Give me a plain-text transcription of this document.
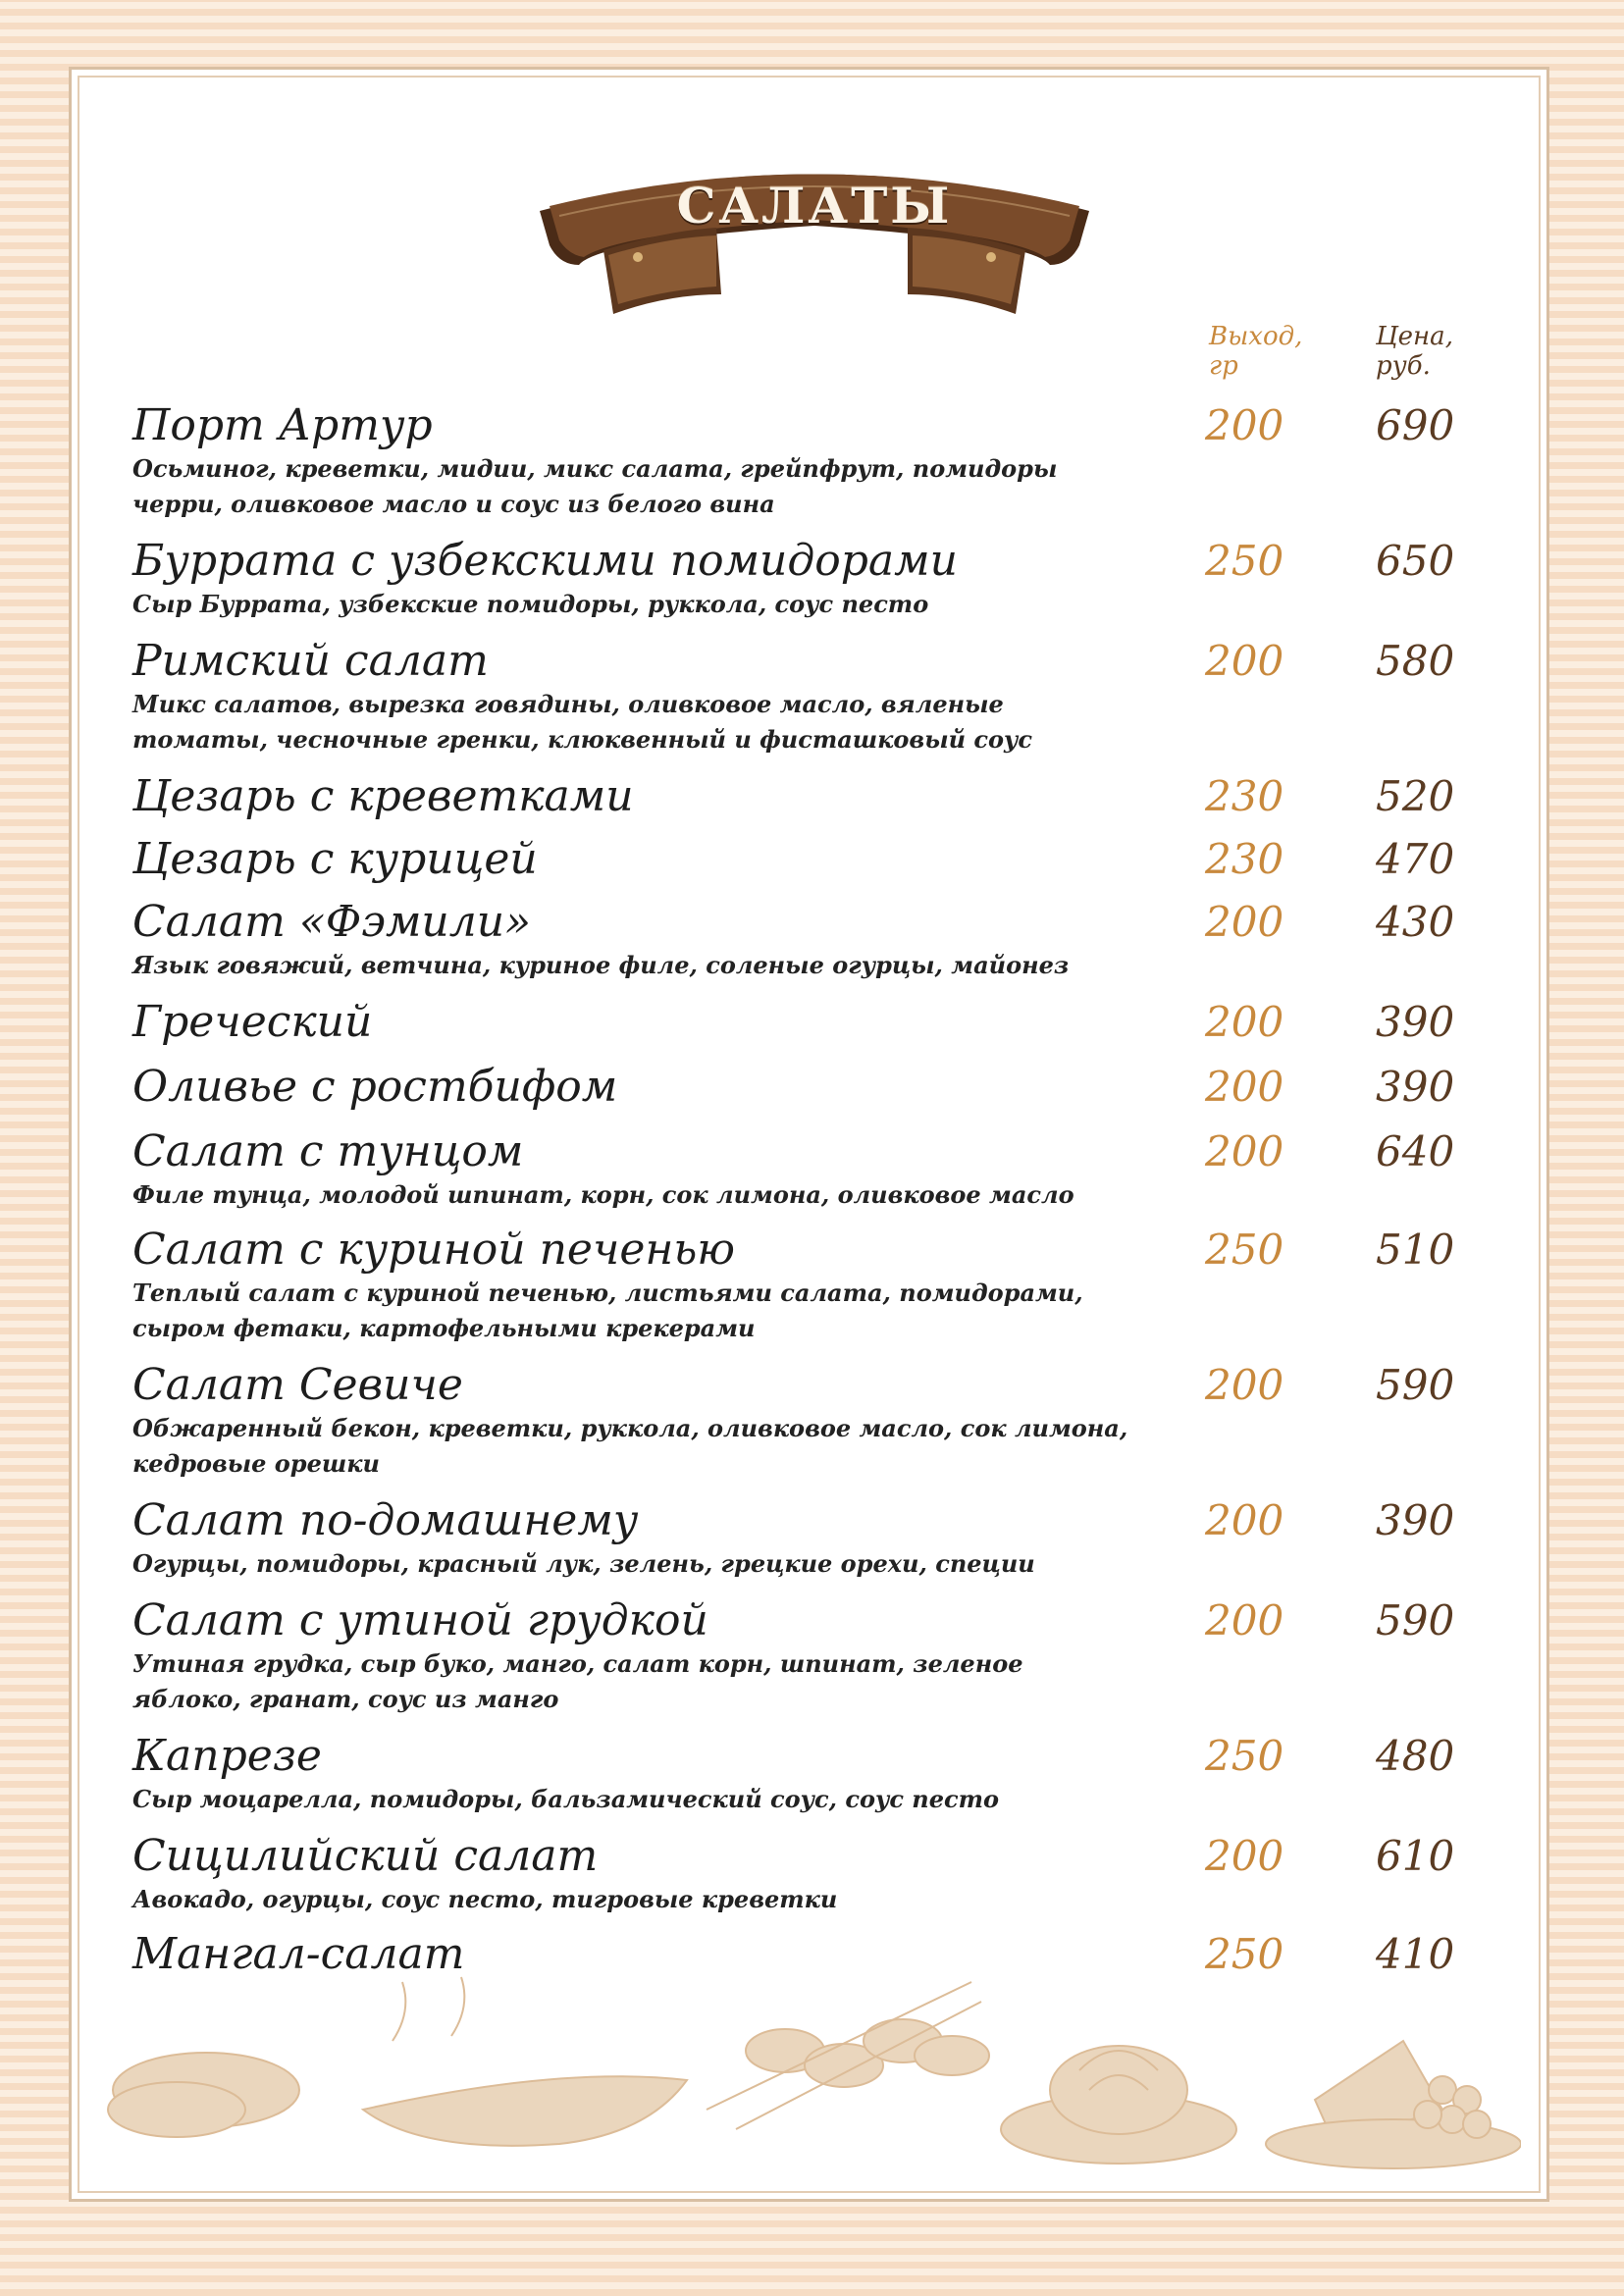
САЛАТЫ
Выход,
гр
Цена,
руб.
Порт Артур
Осьминог, креветки, мидии, микс салата, грейпфрут, помидоры черри, оливковое масло и соус из белого вина
200	690
Буррата с узбекскими помидорами
Сыр Буррата, узбекские помидоры, руккола, соус песто
250	650
Римский салат
Микс салатов, вырезка говядины, оливковое масло, вяленые томаты, чесночные гренки, клюквенный и фисташковый соус
200	580
Цезарь с креветками	230	520
Цезарь с курицей	230	470
Салат «Фэмили»
Язык говяжий, ветчина, куриное филе, соленые огурцы, майонез
200	430
Греческий	200	390
Оливье с ростбифом	200	390
Салат с тунцом
Филе тунца, молодой шпинат, корн, сок лимона, оливковое масло
200	640
Салат с куриной печенью
Теплый салат с куриной печенью, листьями салата, помидорами, сыром фетаки, картофельными крекерами
250	510
Салат Севиче
Обжаренный бекон, креветки, руккола, оливковое масло, сок лимона, кедровые орешки
200	590
Салат по-домашнему
Огурцы, помидоры, красный лук, зелень, грецкие орехи, специи
200	390
Салат с утиной грудкой
Утиная грудка, сыр буко, манго, салат корн, шпинат, зеленое яблоко, гранат, соус из манго
200	590
Капрезе
Сыр моцарелла, помидоры, бальзамический соус, соус песто
250	480
Сицилийский салат
Авокадо, огурцы, соус песто, тигровые креветки
200	610
Мангал-салат	250	410
